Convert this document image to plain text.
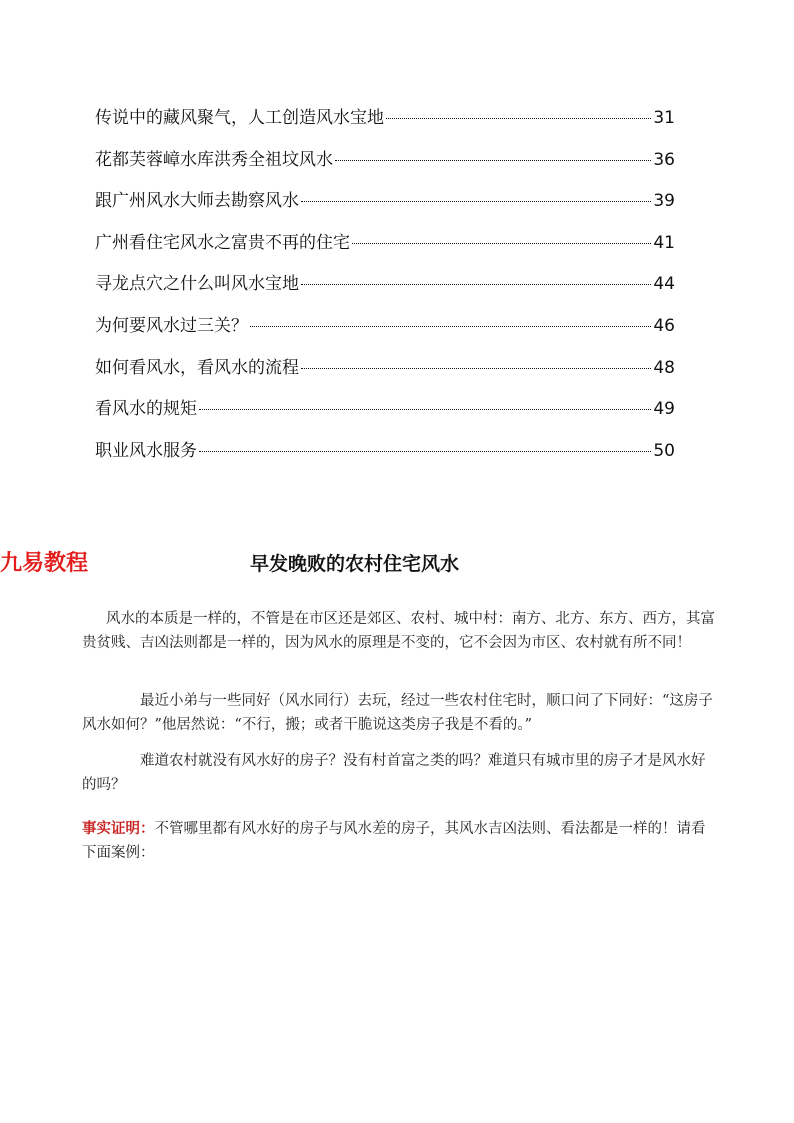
传说中的藏风聚气，人工创造风水宝地	31
花都芙蓉嶂水库洪秀全祖坟风水	36
跟广州风水大师去勘察风水	39
广州看住宅风水之富贵不再的住宅	41
寻龙点穴之什么叫风水宝地	44
为何要风水过三关？	46
如何看风水，看风水的流程	48
看风水的规矩	49
职业风水服务	50
九易教程	早发晚败的农村住宅风水

风水的本质是一样的，不管是在市区还是郊区、农村、城中村：南方、北方、东方、西方，其富贵贫贱、吉凶法则都是一样的，因为风水的原理是不变的，它不会因为市区、农村就有所不同！

最近小弟与一些同好（风水同行）去玩，经过一些农村住宅时，顺口问了下同好：“这房子风水如何？”他居然说：“不行，搬；或者干脆说这类房子我是不看的。”

难道农村就没有风水好的房子？没有村首富之类的吗？难道只有城市里的房子才是风水好的吗？

事实证明：不管哪里都有风水好的房子与风水差的房子，其风水吉凶法则、看法都是一样的！请看下面案例：
